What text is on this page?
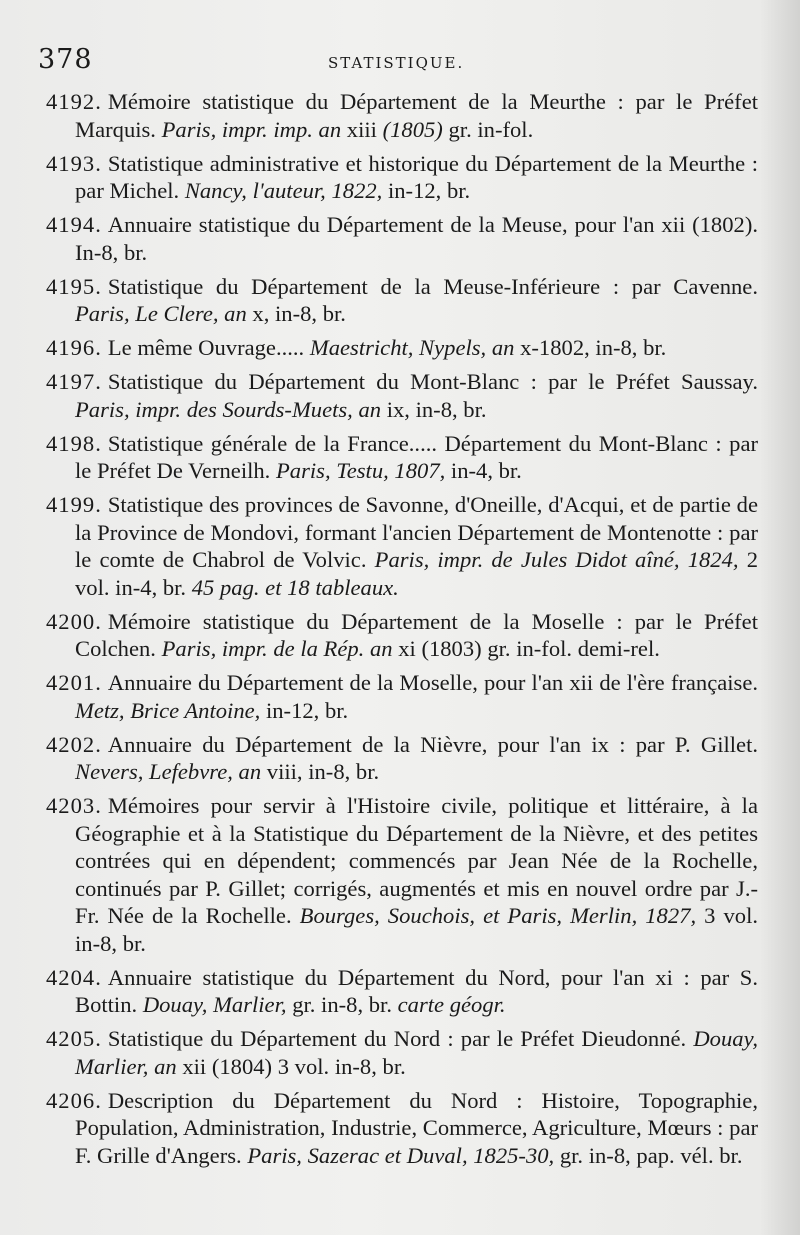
378	STATISTIQUE.

4192. Mémoire statistique du Département de la Meurthe : par le Préfet Marquis. Paris, impr. imp. an xiii (1805) gr. in-fol.

4193. Statistique administrative et historique du Département de la Meurthe : par Michel. Nancy, l'auteur, 1822, in-12, br.

4194. Annuaire statistique du Département de la Meuse, pour l'an xii (1802). In-8, br.

4195. Statistique du Département de la Meuse-Inférieure : par Cavenne. Paris, Le Clere, an x, in-8, br.

4196. Le même Ouvrage..... Maestricht, Nypels, an x-1802, in-8, br.

4197. Statistique du Département du Mont-Blanc : par le Préfet Saussay. Paris, impr. des Sourds-Muets, an ix, in-8, br.

4198. Statistique générale de la France..... Département du Mont-Blanc : par le Préfet De Verneilh. Paris, Testu, 1807, in-4, br.

4199. Statistique des provinces de Savonne, d'Oneille, d'Acqui, et de partie de la Province de Mondovi, formant l'ancien Département de Montenotte : par le comte de Chabrol de Volvic. Paris, impr. de Jules Didot aîné, 1824, 2 vol. in-4, br. 45 pag. et 18 tableaux.

4200. Mémoire statistique du Département de la Moselle : par le Préfet Colchen. Paris, impr. de la Rép. an xi (1803) gr. in-fol. demi-rel.

4201. Annuaire du Département de la Moselle, pour l'an xii de l'ère française. Metz, Brice Antoine, in-12, br.

4202. Annuaire du Département de la Nièvre, pour l'an ix : par P. Gillet. Nevers, Lefebvre, an viii, in-8, br.

4203. Mémoires pour servir à l'Histoire civile, politique et littéraire, à la Géographie et à la Statistique du Département de la Nièvre, et des petites contrées qui en dépendent; commencés par Jean Née de la Rochelle, continués par P. Gillet; corrigés, augmentés et mis en nouvel ordre par J.-Fr. Née de la Rochelle. Bourges, Souchois, et Paris, Merlin, 1827, 3 vol. in-8, br.

4204. Annuaire statistique du Département du Nord, pour l'an xi : par S. Bottin. Douay, Marlier, gr. in-8, br. carte géogr.

4205. Statistique du Département du Nord : par le Préfet Dieudonné. Douay, Marlier, an xii (1804) 3 vol. in-8, br.

4206. Description du Département du Nord : Histoire, Topographie, Population, Administration, Industrie, Commerce, Agriculture, Mœurs : par F. Grille d'Angers. Paris, Sazerac et Duval, 1825-30, gr. in-8, pap. vél. br.
